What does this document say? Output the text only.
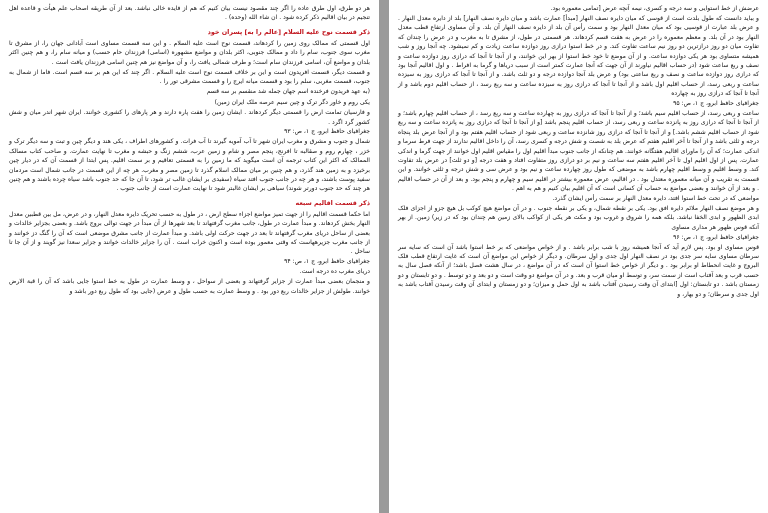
هر دو طرق، اول طرق عاده را اگر چند مقصود نیست بیان کنیم که هم از فایده خالی نباشد. بعد از آن طریقه اصحاب علم هیأت و قاعده اهل تنجیم در بیان اقالیم ذکر کرده شود . ان شاء الله (وحده) .
ذکر قسمت نوح علیه السلام [عالم را به] پسران خود
اول قسمتی که ممالک روی زمین را کردهاند، قسمت نوح است علیه السلام . و این سه قسمت مساوی است آبادانی جهان را، از مشرق تا مغرب سوی جنوب، سام را داد و ممالک جنوبی، اکثر بلدان و مواضع مشهوره (اسامی) فرزندان حام حسب) و میانه سام را، و هم چنین اکثر بلدان و مواضع آن، اسامی فرزندان سام است؛ و طرف شمالی یافث را، و آن مواضع نیز هم چنین اسامی فرزندان یافث است .
و قسمت دیگر، قسمت افریدون است و این بر خلاف قسمت نوح است علیه السلام . اگر چند که این هم بر سه قسم است. فاما از شمال به جنوب، قسمت مغربی، سلم را بود و قسمت میانه ایرج را و قسمت مشرقی تور را .
(به عهد فریدون فرخنده اسم جهان جمله شد منقسم بر سه قسم
یکی روم و خاور دگر ترک و چین سیم عرصه ملک ایران زمین)
و فارسیان تمامت ارض را قسمتی دیگر کردهاند . ایشان زمین را هفت پاره دارند و هر پارهای را کشوری خوانند. ایران شهر اندر میان و شش کشور گرد اگرد .
جغرافیای حافظ ابرو، ج ۱، ص: ۹۳
شمال و جنوب و مشرق و مغرب ایران شهر تا آب آمویه گیرند تا آب فرات. و کشورهای اطراف ، یکی هند و دیگر چین و تبت و سه دیگر ترک و خزر ، چهارم روم و صقالبه تا افرنج، پنجم مصر و شام و زمین عرب، ششم زنگ و حبشه و مغرب تا نهایت عمارت. و صاحب کتاب مسالک الممالک که اکثر این کتاب ترجمه آن است میگوید که ما زمین را به قسمتی تعاقیم و بر سمت اقلیم. پس ابتدا از قسمت آن که در دیار چین برخیزد و به زمین هند گذرد، و هم چنین بر میان ممالک اسلام گذرد تا زمین مصر و مغرب. هر چه از این قسمت در جانب شمال است مردمان سفید پوست باشند، و هر چه در جانب جنوب افتد سیاه (سفیدی بر ایشان غالب تر شود، تا آن جا که حد جنوب باشد سیاه چرده باشند و هم چنین هر چند که حد جنوب دورتر شوند) سیاهی بر ایشان غالبتر شود تا نهایت عمارت است از جانب جنوب .
ذکر قسمت اقالیم سبعه
اما حکما قسمت اقالیم را از جهت تمیز مواضع اجزاء سطح ارض ، در طول به حسب تحریک دایره معدل النهار، و در عرض، مل بین قطبین معدل النهار بخش کردهاند. و مبدأ عمارت در طول، جانب مغرب گرفتهاند تا بعد شهرها از آن مبدأ در جهت توالی بروج باشد. و بعضی بجزایر خالدات و بعضی از ساحل دریای مغرب گرفتهاند تا بعد در جهت حرکت اولی باشد. و مبدأ عمارت از جانب مشرق موضعی است که آن را گنگ دز خوانند و از جانب مغرب جزیرههاست که وقتی معمور بوده است و اکنون خراب است . آن را جزایر خالدات خوانند و جزایر سعدا نیز گویند و از آن جا تا ساحل .
جغرافیای حافظ ابرو، ج ۱، ص: ۹۴
دریای مغرب ده درجه است.
و منجمان بعضی مبدأ عمارت از جزایر گرفتهاند و بعضی از سواحل ، و وسط عمارت در طول به خط استوا جایی باشد که آن را قبة الارض خوانند. طولش از جزایر خالدات ربع دور بود . و وسط عمارت به حسب طول و عرض (جایی بود که طول ربع دور باشد و
عرضش از خط استوایی و سه درجه و کسری، نیمه آنچه عرض [تمامی معموره بود.
و بباید دانست که طول بلدت است از قوسی که میان دایره نصف النهار [مبدأ] عمارت باشد و میان دایره نصف النهار] بلد از دایره معدل النهار . و عرض بلد عبارت از قوسیی بود که میان معدل النهار بود و سمت رأس آن بلد از دایره نصف النهار آن بلد. و آن مساوی ارتفاع قطب معدل النهار بود در آن بلد. و معظم معموره را در عرض به هفت قسم کردهاند. هر قسمتی در طول، از مشرق تا به مغرب و در عرض را چندان که تفاوت میان دو روز درازترین دو روز نیم ساعت تفاوت کند. و در خط استوا درازی روز دوازده ساعت زیادت و کم نمیشود. چه آنجا روز و شب همیشه متساوی بود هر یکی دوازده ساعت. و از آن موضع تا خود خط استوا از بهر این خوانند، و از آنجا تا آنجا که درازی روز دوازده ساعت و نصف و ربع ساعت شود (در حساب اقالیم نیاورند از آن جهت که آنجا عمارت کمتر است از سبب دریاها و گرما به افراط . و اول اقالیم آنجا بود که درازی روز دوازده ساعت و نصف و ربع ساعتی بود) و عرض بلد آنجا دوازده درجه و دو ثلث باشد. و از آنجا تا آنجا که درازی روز به سیزده ساعت و ربعی رسد، از حساب اقلیم اول باشد و از آنجا تا آنجا که درازی روز به سیزده ساعت و سه ربع رسد ، از حساب اقلیم دوم باشد و از آنجا تا آنجا که درازی روز به چهارده
جغرافیای حافظ ابرو، ج ۱، ص: ۹۵
ساعت و ربعی رسد، از حساب اقلیم سیم باشد؛ و از آنجا تا آنجا که درازی روز به چهارده ساعت و سه ربع رسد ، از حساب اقلیم چهارم باشد؛ و از آنجا تا آنجا که درازی روز به پانزده ساعت و ربعی رسد، از حساب اقلیم پنجم باشد [و از آنجا تا آنجا که درازی روز به پانزده ساعت و سه ربع شود از حساب اقلیم ششم باشد.] و از آنجا تا آنجا که درازی روز شانزده ساعت و ربعی شود از حساب اقلیم هفتم بود و از آنجا عرض بلد پنجاه درجه و ثلثی باشد و از آنجا تا آخر اقلیم هفتم که عرض بلد به شصت و شش درجه و کسری رسد، آن را داخل اقالیم ندارند از جهت فرط سرما و اندکی عمارت؛ که آن را ماورای اقالیم هفتگانه خوانند. هم چنانکه از جانب جنوب مبدأ اقلیم اول را مقیاس اقلیم اول خوانند از جهت گرما و اندکی عمارت. پس از اول اقلیم اول تا آخر اقلیم هفتم سه ساعت و نیم بر دو درازی روز متفاوت افتاد و هفت درجه [و دو ثلث] در عرض بلد تفاوت کند. و وسط اقلیم و وسط اقلیم چهارم باشد به موضعی که طول روز چهارده ساعت و نیم بود و عرض سی و شش درجه و ثلثی خوانند. و این قسمت به تقریب و آن میانه معموره معتدل بود . در اقالیم، عرض معموره بیشتر در اقلیم سیم و چهارم و پنجم بود. و بعد از آن در حساب اقالیم . و بعد از آن خوانند و بعضی مواضع به حساب آن کسانی است که آن اقلیم بیان کنیم و هم به اهم .
مواضعی که در تحت خط استوا افتد، دایره معدل النهار بر سمت رأس ایشان گذرد.
و هر موضع نصف النهار ملائم دایره افق بود. یکی بر نقطه شمال، و یکی بر نقطه جنوب . و در آن مواضع هیچ کوکب بل هیچ جزو از اجزای فلک ابدی الظهور و ابدی الخفا نباشد. بلکه همه را شروق و غروب بود و مکث هر یکی از کواکب بالای زمین هم چندان بود که در زیر) زمین. از بهر آنکه قوس ظهور هر مداری مساوی
جغرافیای حافظ ابرو، ج ۱، ص: ۹۶
قوس مساوی او بود. پس لازم آید که آنجا همیشه روز با شب برابر باشد . و از خواص مواضعی که بر خط استوا باشد آن است که سایه سر سرطان مساوی سایه سر جدی بود در نصف النهار اول جدی و اول سرطان. و دیگر از خواص این مواضع آن است که غایت ارتفاع قطب فلک البروج و غایت انحطاط او برابر بود . و دیگر از خواص خط استوا آن است که در آن مواضع ، در سال هشت فصل باشد؛ از آنکه فصل سال به حسب قرب و بعد آفتاب است از سمت سر، و توسط او میان قرب و بعد. و در آن مواضع دو وقت است و دو بعد و دو توسط . و دو تابستان و دو زمستان باشد . دو تابستان: اول [ابتدای آن وقت رسیدن آفتاب باشد به اول حمل و میزان؛ و دو زمستان و ابتدای آن وقت رسیدن آفتاب باشد به اول جدی و سرطان؛ و دو بهار، و
